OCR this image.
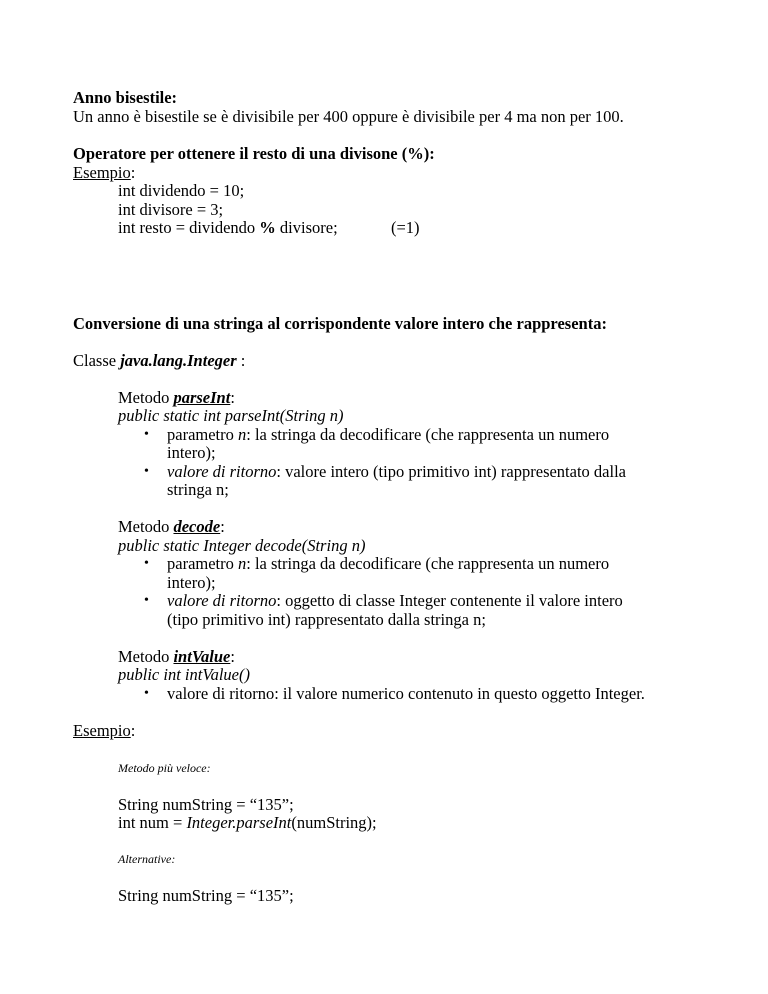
Anno bisestile:
Un anno è bisestile se è divisibile per 400 oppure è divisibile per 4 ma non per 100.
Operatore per ottenere il resto di una divisone (%):
Esempio:
int dividendo = 10;
int divisore = 3;
int resto = dividendo % divisore;	(=1)
Conversione di una stringa al corrispondente valore intero che rappresenta:
Classe java.lang.Integer :
Metodo parseInt:
public static int parseInt(String n)
• parametro n: la stringa da decodificare (che rappresenta un numero
intero);
• valore di ritorno: valore intero (tipo primitivo int) rappresentato dalla
stringa n;
Metodo decode:
public static Integer decode(String n)
• parametro n: la stringa da decodificare (che rappresenta un numero
intero);
• valore di ritorno: oggetto di classe Integer contenente il valore intero
(tipo primitivo int) rappresentato dalla stringa n;
Metodo intValue:
public int intValue()
• valore di ritorno: il valore numerico contenuto in questo oggetto Integer.
Esempio:
Metodo più veloce:
String numString = “135”;
int num = Integer.parseInt(numString);
Alternative:
String numString = “135”;
